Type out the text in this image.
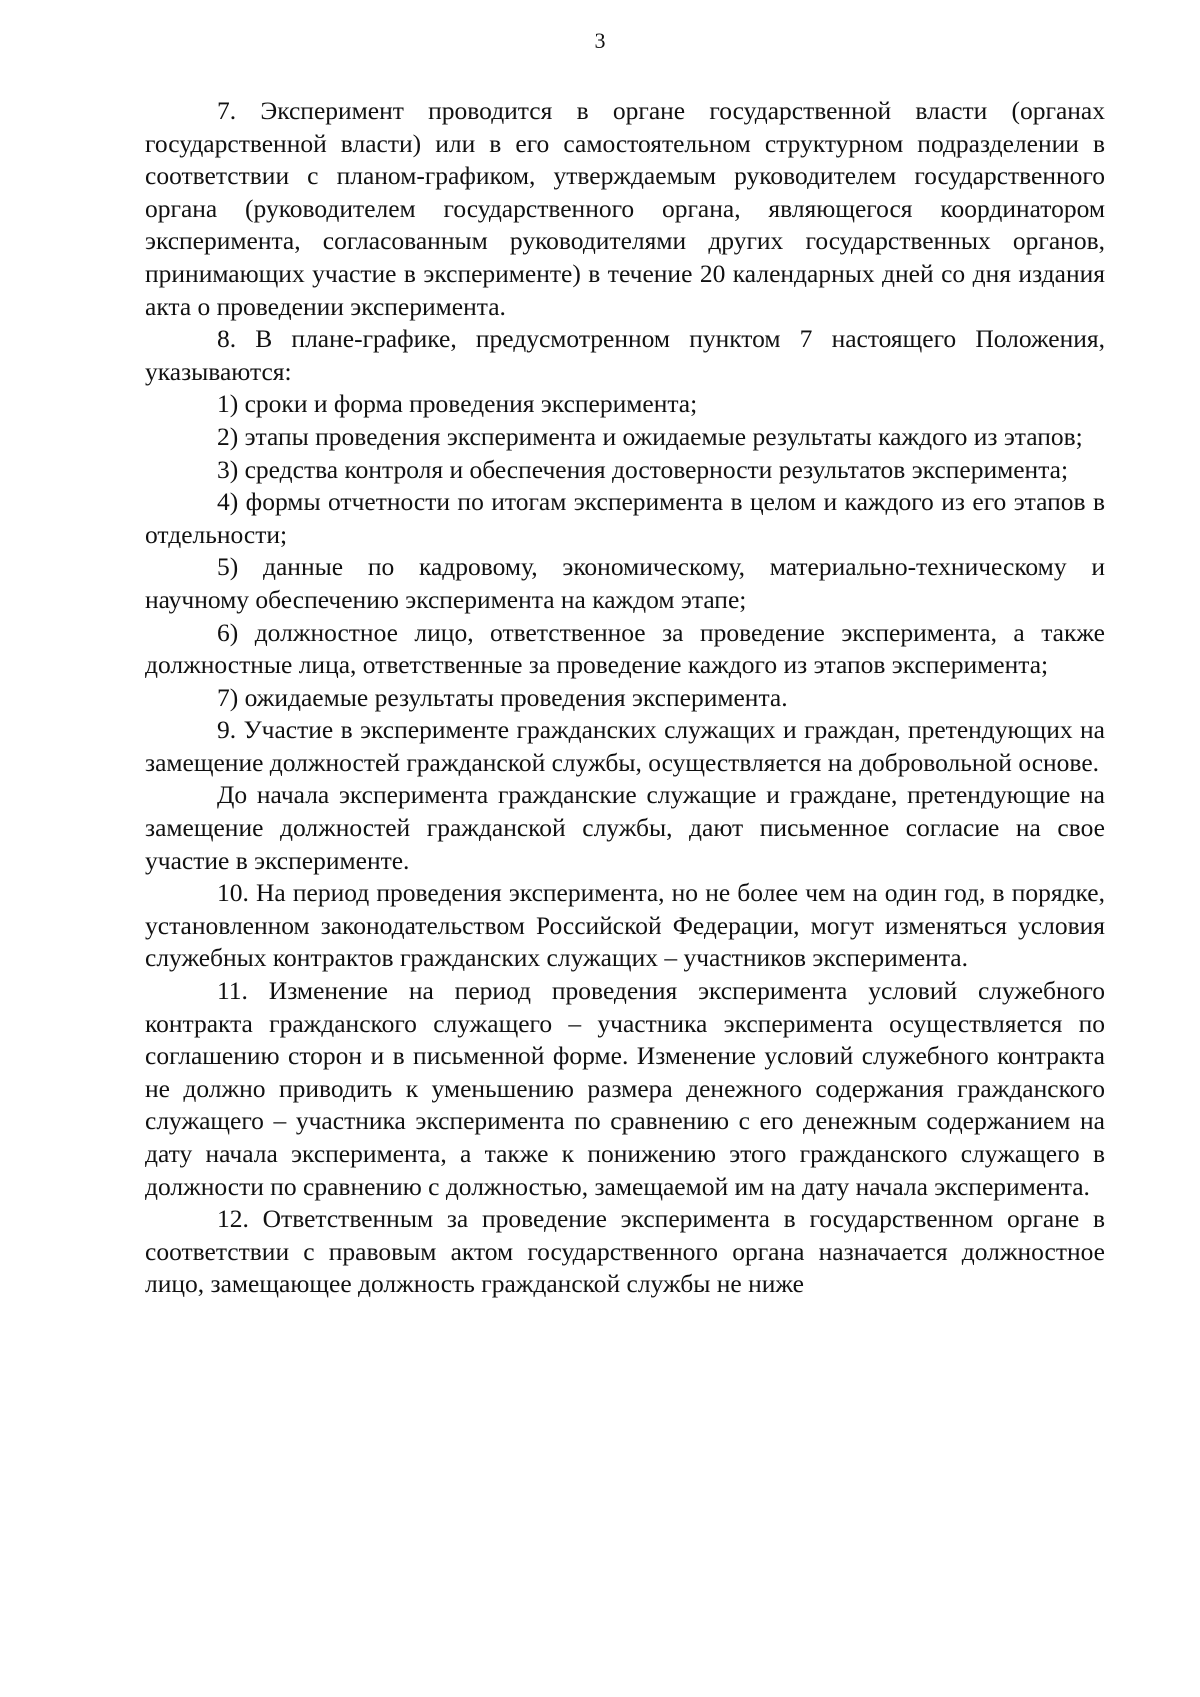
3

7. Эксперимент проводится в органе государственной власти (органах государственной власти) или в его самостоятельном структурном подразделении в соответствии с планом-графиком, утверждаемым руководителем государственного органа (руководителем государственного органа, являющегося координатором эксперимента, согласованным руководителями других государственных органов, принимающих участие в эксперименте) в течение 20 календарных дней со дня издания акта о проведении эксперимента.

8. В плане-графике, предусмотренном пунктом 7 настоящего Положения, указываются:

1) сроки и форма проведения эксперимента;

2) этапы проведения эксперимента и ожидаемые результаты каждого из этапов;

3) средства контроля и обеспечения достоверности результатов эксперимента;

4) формы отчетности по итогам эксперимента в целом и каждого из его этапов в отдельности;

5) данные по кадровому, экономическому, материально-техническому и научному обеспечению эксперимента на каждом этапе;

6) должностное лицо, ответственное за проведение эксперимента, а также должностные лица, ответственные за проведение каждого из этапов эксперимента;

7) ожидаемые результаты проведения эксперимента.

9. Участие в эксперименте гражданских служащих и граждан, претендующих на замещение должностей гражданской службы, осуществляется на добровольной основе.

До начала эксперимента гражданские служащие и граждане, претендующие на замещение должностей гражданской службы, дают письменное согласие на свое участие в эксперименте.

10. На период проведения эксперимента, но не более чем на один год, в порядке, установленном законодательством Российской Федерации, могут изменяться условия служебных контрактов гражданских служащих – участников эксперимента.

11. Изменение на период проведения эксперимента условий служебного контракта гражданского служащего – участника эксперимента осуществляется по соглашению сторон и в письменной форме. Изменение условий служебного контракта не должно приводить к уменьшению размера денежного содержания гражданского служащего – участника эксперимента по сравнению с его денежным содержанием на дату начала эксперимента, а также к понижению этого гражданского служащего в должности по сравнению с должностью, замещаемой им на дату начала эксперимента.

12. Ответственным за проведение эксперимента в государственном органе в соответствии с правовым актом государственного органа назначается должностное лицо, замещающее должность гражданской службы не ниже
